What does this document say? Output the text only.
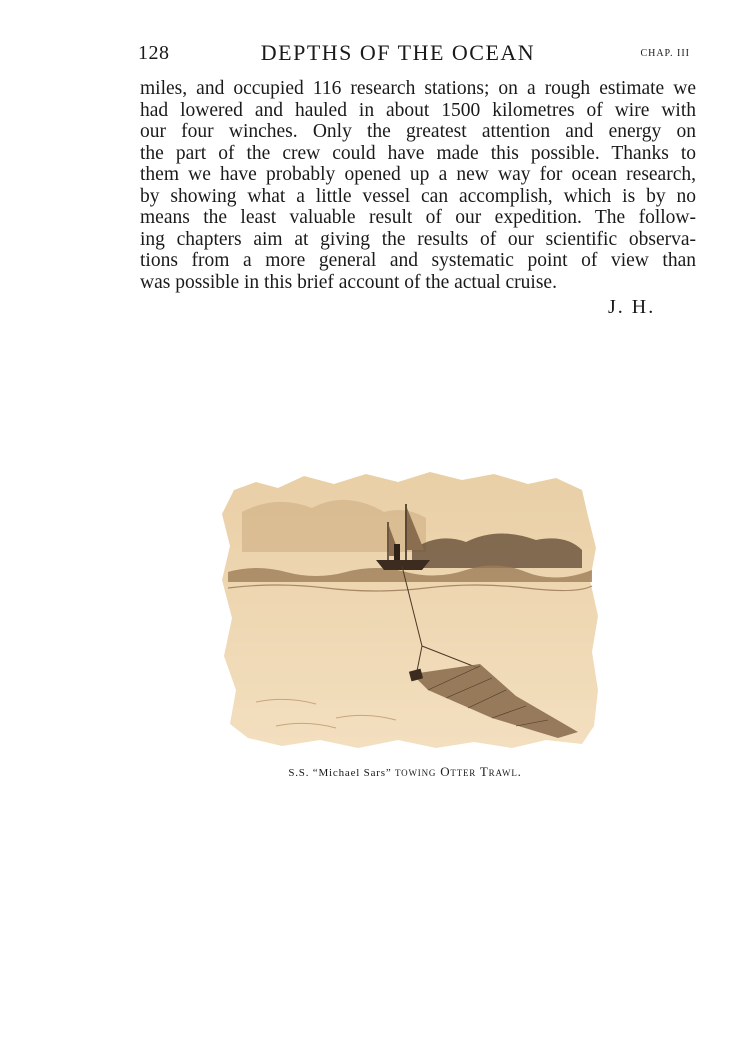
128	DEPTHS OF THE OCEAN	CHAP. III
miles, and occupied 116 research stations; on a rough estimate we
had lowered and hauled in about 1500 kilometres of wire with
our four winches. Only the greatest attention and energy on
the part of the crew could have made this possible. Thanks to
them we have probably opened up a new way for ocean research,
by showing what a little vessel can accomplish, which is by no
means the least valuable result of our expedition. The follow-
ing chapters aim at giving the results of our scientific observa-
tions from a more general and systematic point of view than
was possible in this brief account of the actual cruise.
J. H.
S.S. “Michael Sars” towing Otter Trawl.
